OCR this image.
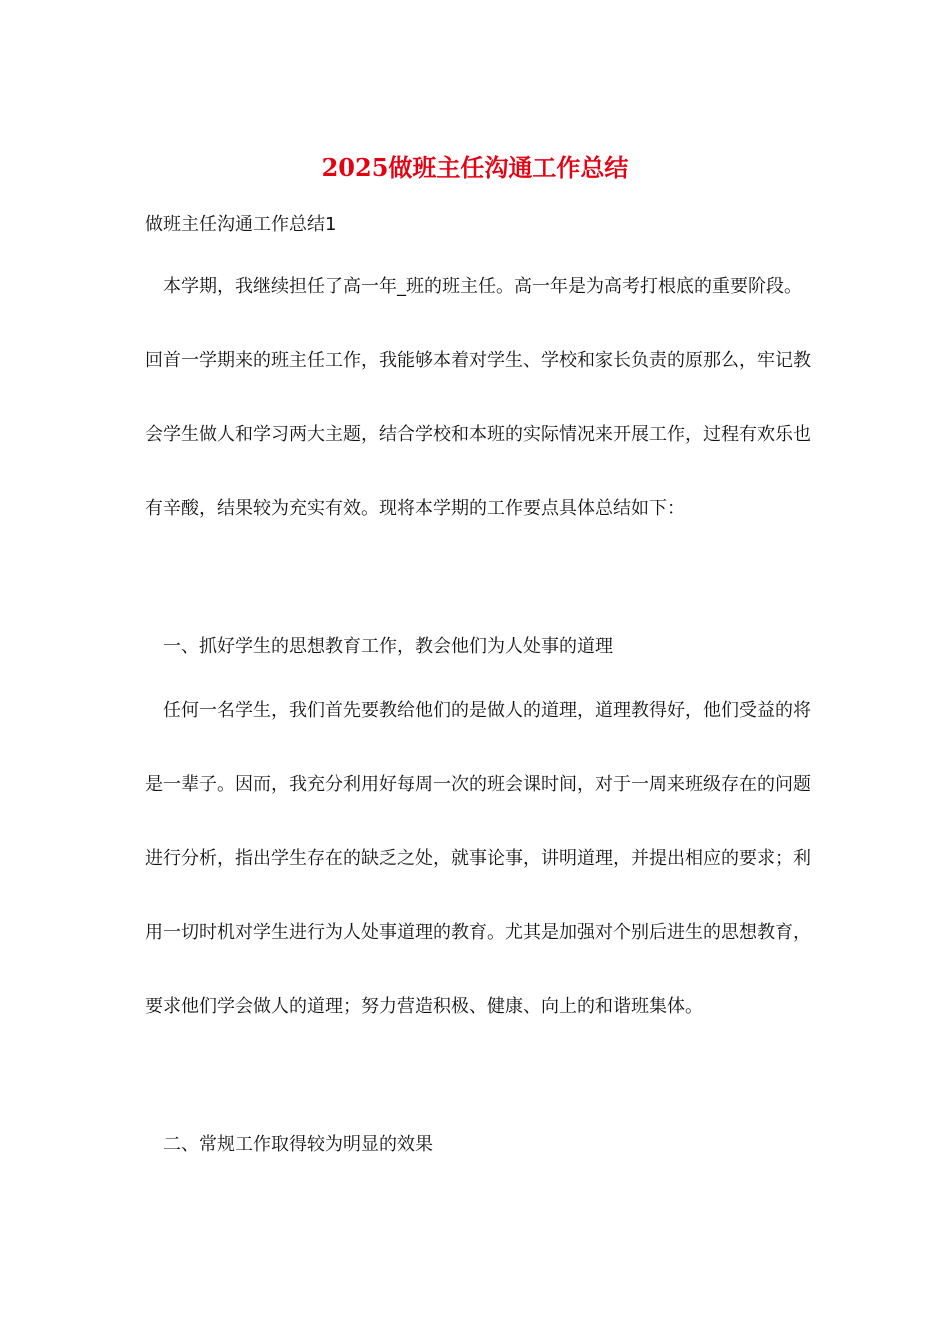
2025做班主任沟通工作总结

做班主任沟通工作总结1

本学期，我继续担任了高一年_班的班主任。高一年是为高考打根底的重要阶段。回首一学期来的班主任工作，我能够本着对学生、学校和家长负责的原那么，牢记教会学生做人和学习两大主题，结合学校和本班的实际情况来开展工作，过程有欢乐也有辛酸，结果较为充实有效。现将本学期的工作要点具体总结如下：

一、抓好学生的思想教育工作，教会他们为人处事的道理

任何一名学生，我们首先要教给他们的是做人的道理，道理教得好，他们受益的将是一辈子。因而，我充分利用好每周一次的班会课时间，对于一周来班级存在的问题进行分析，指出学生存在的缺乏之处，就事论事，讲明道理，并提出相应的要求；利用一切时机对学生进行为人处事道理的教育。尤其是加强对个别后进生的思想教育，要求他们学会做人的道理；努力营造积极、健康、向上的和谐班集体。

二、常规工作取得较为明显的效果
